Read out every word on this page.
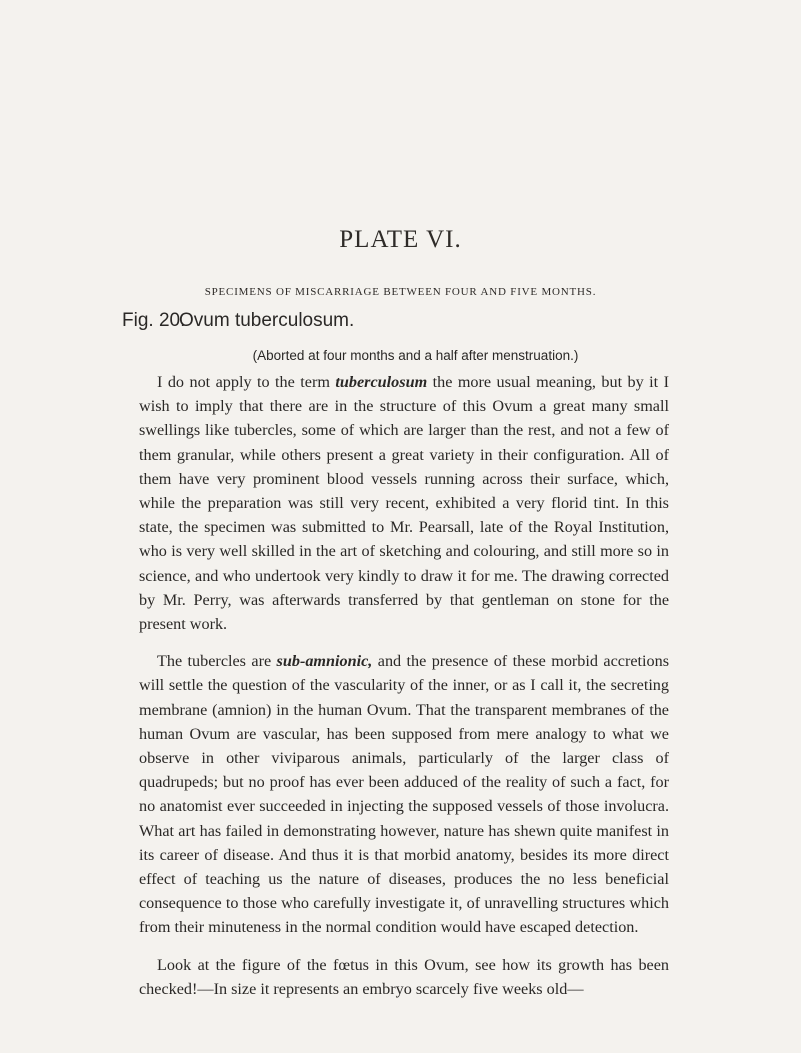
PLATE VI.
SPECIMENS OF MISCARRIAGE BETWEEN FOUR AND FIVE MONTHS.
Fig. 20.Ovum tuberculosum.
(Aborted at four months and a half after menstruation.)

I do not apply to the term tuberculosum the more usual meaning, but by it I wish to imply that there are in the structure of this Ovum a great many small swellings like tubercles, some of which are larger than the rest, and not a few of them granular, while others present a great variety in their configuration. All of them have very prominent blood vessels running across their surface, which, while the preparation was still very recent, exhibited a very florid tint. In this state, the specimen was submitted to Mr. Pearsall, late of the Royal Institution, who is very well skilled in the art of sketching and colouring, and still more so in science, and who undertook very kindly to draw it for me. The drawing corrected by Mr. Perry, was afterwards transferred by that gentleman on stone for the present work.

The tubercles are sub-amnionic, and the presence of these morbid accretions will settle the question of the vascularity of the inner, or as I call it, the secreting membrane (amnion) in the human Ovum. That the transparent membranes of the human Ovum are vascular, has been supposed from mere analogy to what we observe in other viviparous animals, particularly of the larger class of quadrupeds; but no proof has ever been adduced of the reality of such a fact, for no anatomist ever succeeded in injecting the supposed vessels of those involucra. What art has failed in demonstrating however, nature has shewn quite manifest in its career of disease. And thus it is that morbid anatomy, besides its more direct effect of teaching us the nature of diseases, produces the no less beneficial consequence to those who carefully investigate it, of unravelling structures which from their minuteness in the normal condition would have escaped detection.

Look at the figure of the fœtus in this Ovum, see how its growth has been checked!—In size it represents an embryo scarcely five weeks old—
